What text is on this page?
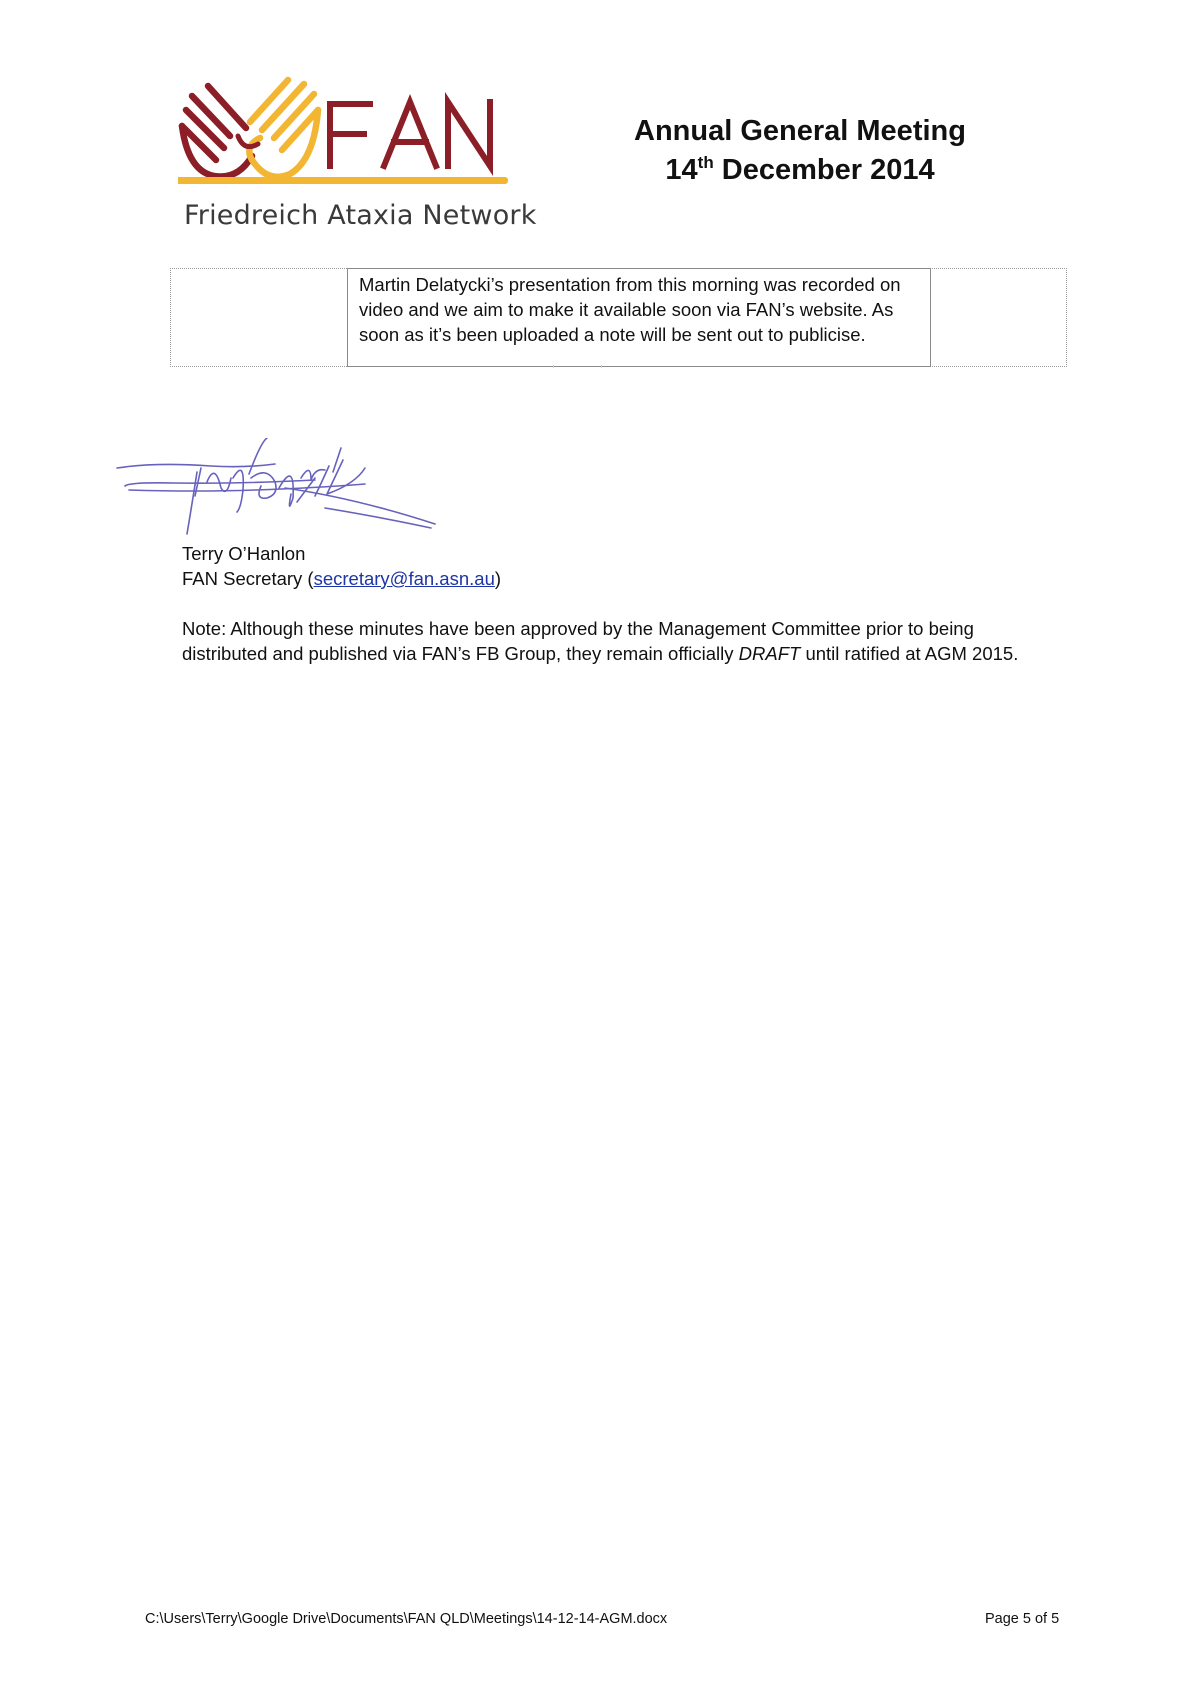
Friedreich Ataxia Network
Annual General Meeting
14th December 2014
Martin Delatycki’s presentation from this morning was recorded on video and we aim to make it available soon via FAN’s website. As soon as it’s been uploaded a note will be sent out to publicise.
Terry O’Hanlon
FAN Secretary (secretary@fan.asn.au)
Note: Although these minutes have been approved by the Management Committee prior to being distributed and published via FAN’s FB Group, they remain officially DRAFT until ratified at AGM 2015.
C:\Users\Terry\Google Drive\Documents\FAN QLD\Meetings\14-12-14-AGM.docx	Page 5 of 5
